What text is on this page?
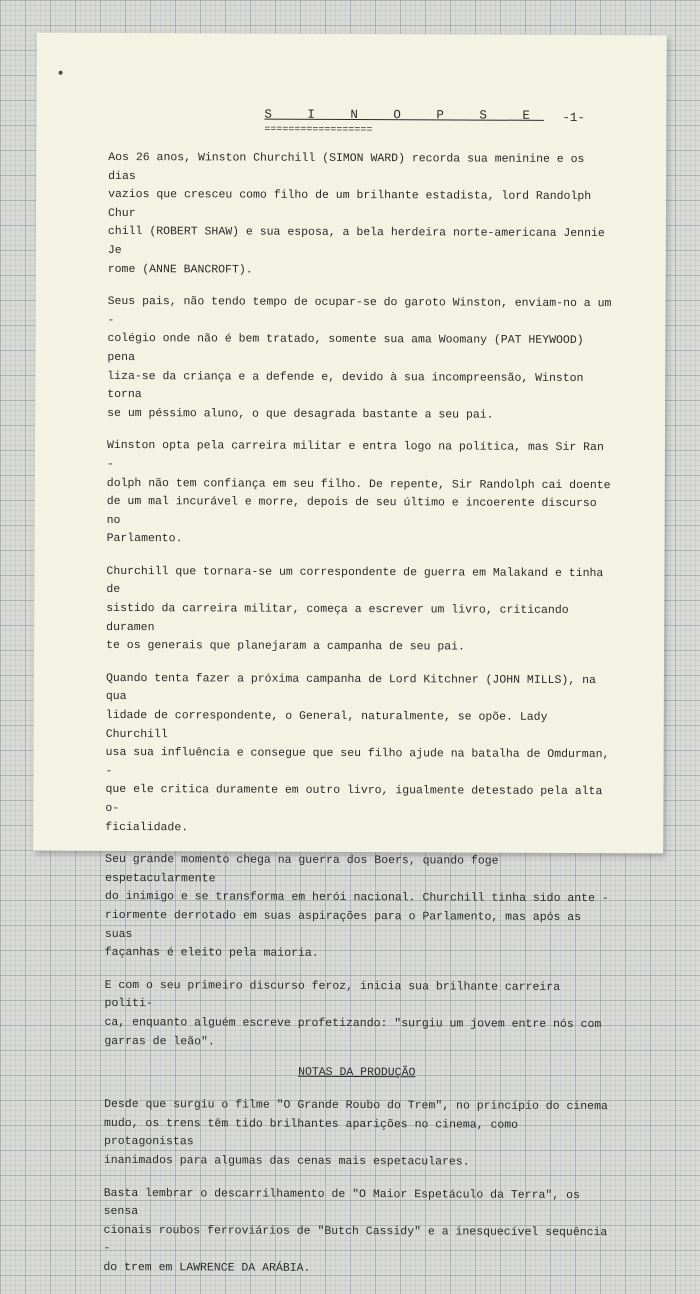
S I N O P S E
==================
-1-

Aos 26 anos, Winston Churchill (SIMON WARD) recorda sua meninine e os dias
vazios que cresceu como filho de um brilhante estadista, lord Randolph Chur
chill (ROBERT SHAW) e sua esposa, a bela herdeira norte-americana Jennie Je
rome (ANNE BANCROFT).

Seus pais, não tendo tempo de ocupar-se do garoto Winston, enviam-no a um -
colégio onde não é bem tratado, somente sua ama Woomany (PAT HEYWOOD) pena
liza-se da criança e a defende e, devido à sua incompreensão, Winston torna
se um péssimo aluno, o que desagrada bastante a seu pai.

Winston opta pela carreira militar e entra logo na política, mas Sir Ran -
dolph não tem confiança em seu filho. De repente, Sir Randolph cai doente
de um mal incurável e morre, depois de seu último e incoerente discurso no
Parlamento.

Churchill que tornara-se um correspondente de guerra em Malakand e tinha de
sistido da carreira militar, começa a escrever um livro, criticando duramen
te os generais que planejaram a campanha de seu pai.

Quando tenta fazer a próxima campanha de Lord Kitchner (JOHN MILLS), na qua
lidade de correspondente, o General, naturalmente, se opõe. Lady Churchill
usa sua influência e consegue que seu filho ajude na batalha de Omdurman, -
que ele critica duramente em outro livro, igualmente detestado pela alta o-
ficialidade.

Seu grande momento chega na guerra dos Boers, quando foge espetacularmente
do inimigo e se transforma em herói nacional. Churchill tinha sido ante -
riormente derrotado em suas aspirações para o Parlamento, mas após as suas
façanhas é eleito pela maioria.

E com o seu primeiro discurso feroz, inicia sua brilhante carreira políti-
ca, enquanto alguém escreve profetizando: "surgiu um jovem entre nós com
garras de leão".

NOTAS DA PRODUÇÃO

Desde que surgiu o filme "O Grande Roubo do Trem", no princípio do cinema
mudo, os trens têm tido brilhantes aparições no cinema, como protagonistas
inanimados para algumas das cenas mais espetaculares.

Basta lembrar o descarrilhamento de "O Maior Espetáculo da Terra", os sensa
cionais roubos ferroviários de "Butch Cassidy" e a inesquecível sequência -
do trem em LAWRENCE DA ARÁBIA.
